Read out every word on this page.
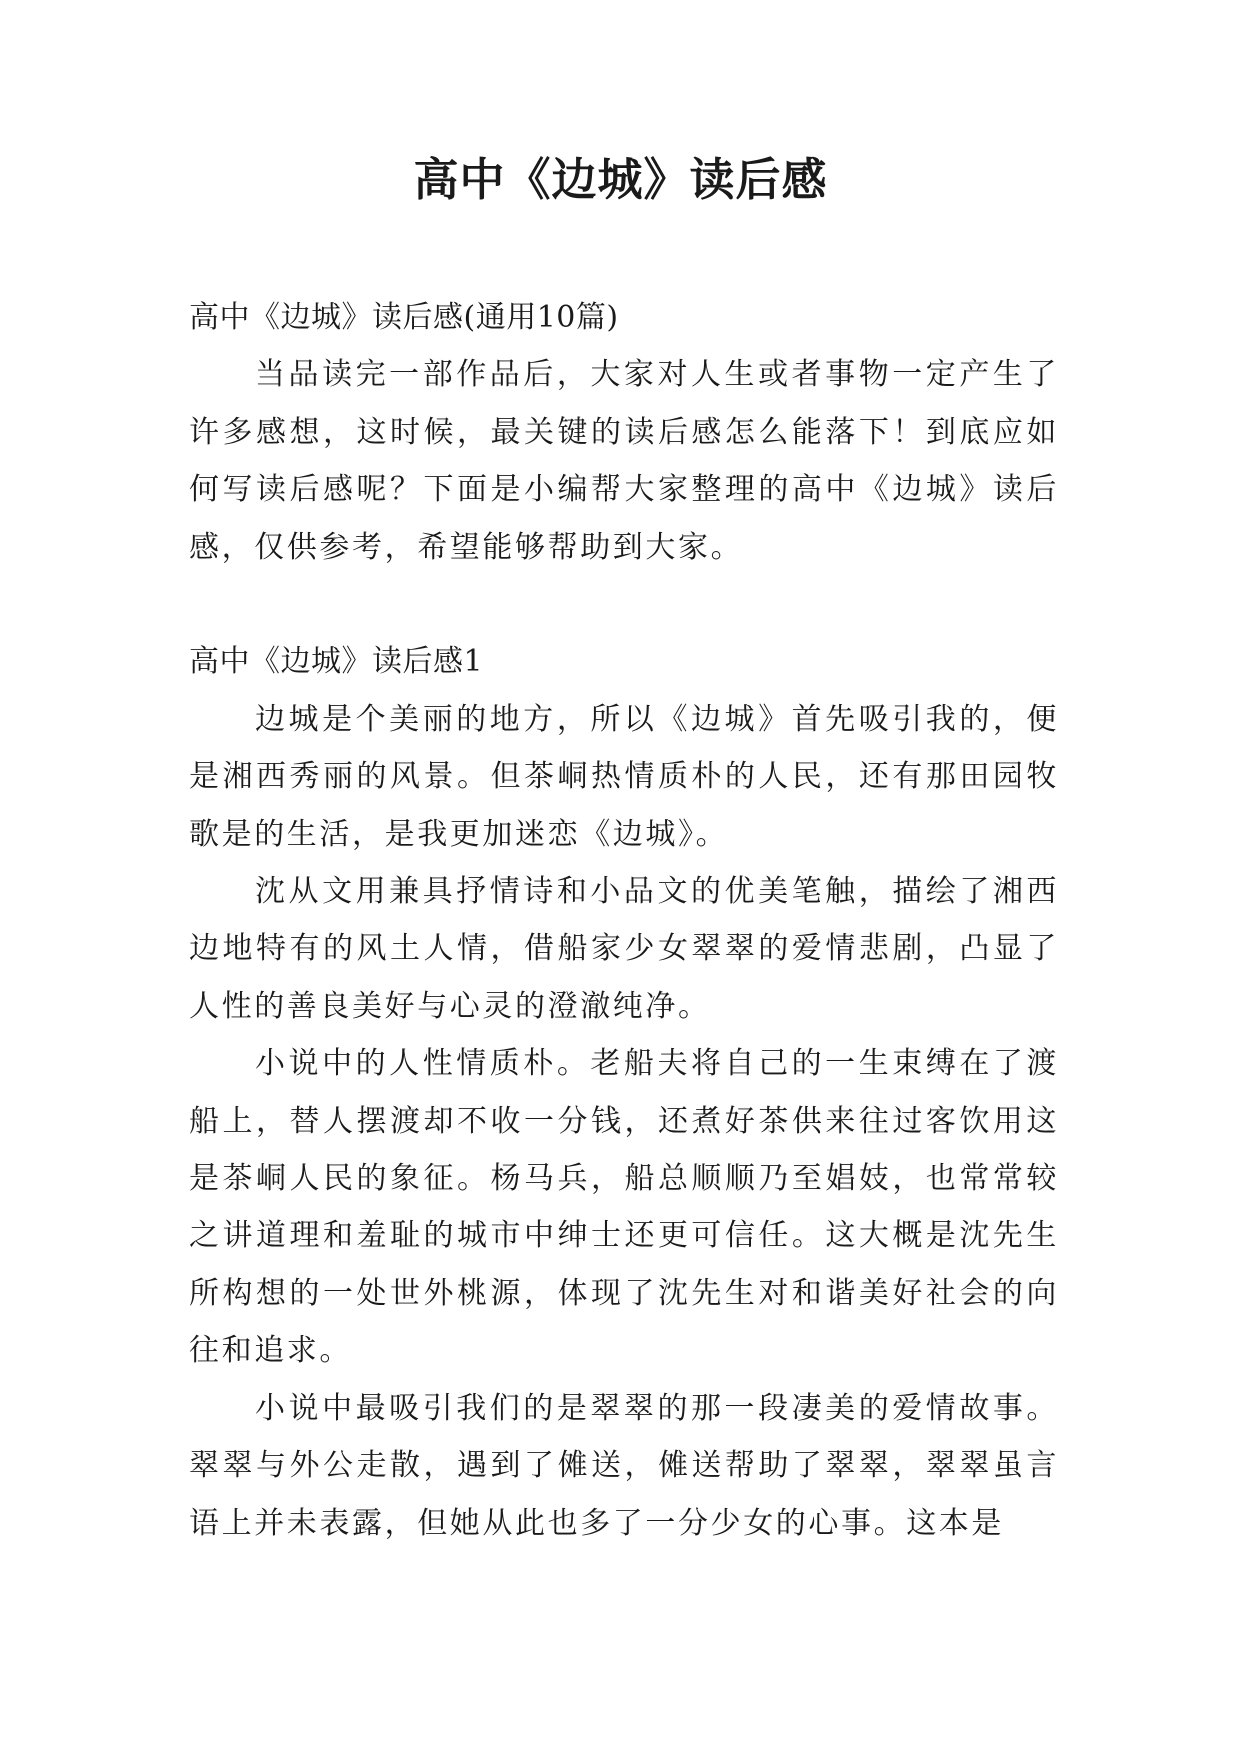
高中《边城》读后感

高中《边城》读后感(通用10篇)

当品读完一部作品后，大家对人生或者事物一定产生了许多感想，这时候，最关键的读后感怎么能落下！到底应如何写读后感呢？下面是小编帮大家整理的高中《边城》读后感，仅供参考，希望能够帮助到大家。

高中《边城》读后感1

边城是个美丽的地方，所以《边城》首先吸引我的，便是湘西秀丽的风景。但茶峒热情质朴的人民，还有那田园牧歌是的生活，是我更加迷恋《边城》。

沈从文用兼具抒情诗和小品文的优美笔触，描绘了湘西边地特有的风土人情，借船家少女翠翠的爱情悲剧，凸显了人性的善良美好与心灵的澄澈纯净。

小说中的人性情质朴。老船夫将自己的一生束缚在了渡船上，替人摆渡却不收一分钱，还煮好茶供来往过客饮用这是茶峒人民的象征。杨马兵，船总顺顺乃至娼妓，也常常较之讲道理和羞耻的城市中绅士还更可信任。这大概是沈先生所构想的一处世外桃源，体现了沈先生对和谐美好社会的向往和追求。

小说中最吸引我们的是翠翠的那一段凄美的爱情故事。翠翠与外公走散，遇到了傩送，傩送帮助了翠翠，翠翠虽言语上并未表露，但她从此也多了一分少女的心事。这本是
